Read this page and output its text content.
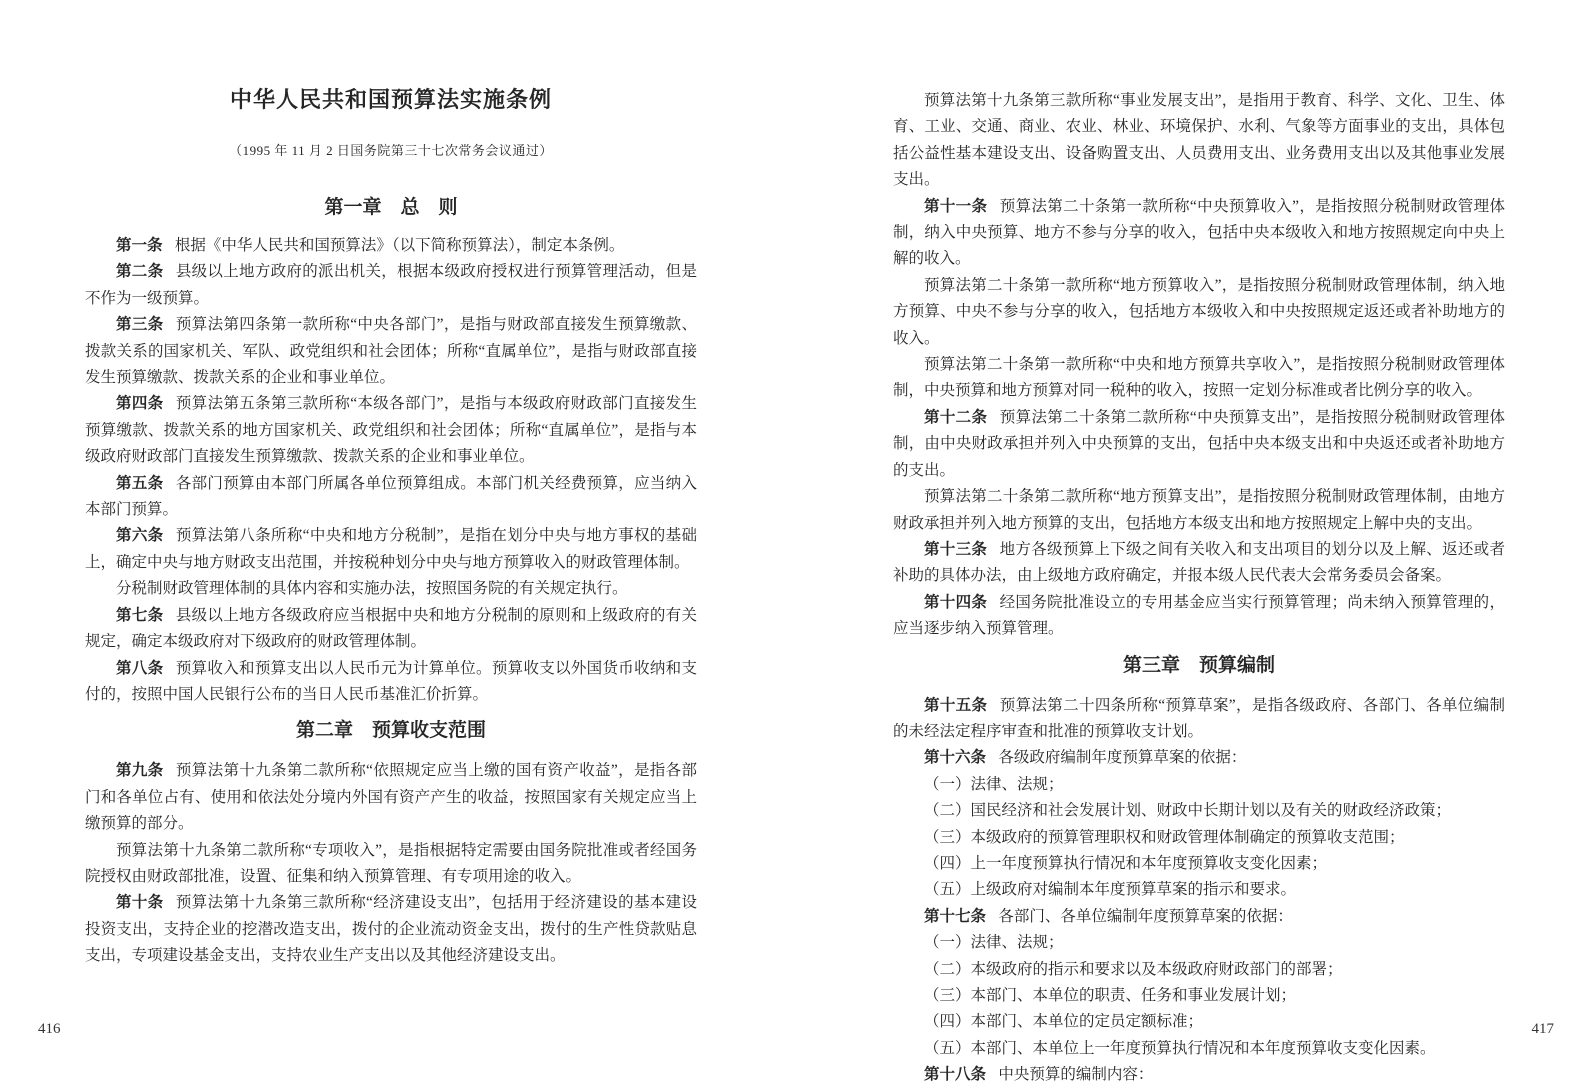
中华人民共和国预算法实施条例

（1995 年 11 月 2 日国务院第三十七次常务会议通过）

第一章　总　则

第一条 根据《中华人民共和国预算法》（以下简称预算法），制定本条例。

第二条 县级以上地方政府的派出机关，根据本级政府授权进行预算管理活动，但是不作为一级预算。

第三条 预算法第四条第一款所称“中央各部门”，是指与财政部直接发生预算缴款、拨款关系的国家机关、军队、政党组织和社会团体；所称“直属单位”，是指与财政部直接发生预算缴款、拨款关系的企业和事业单位。

第四条 预算法第五条第三款所称“本级各部门”，是指与本级政府财政部门直接发生预算缴款、拨款关系的地方国家机关、政党组织和社会团体；所称“直属单位”，是指与本级政府财政部门直接发生预算缴款、拨款关系的企业和事业单位。

第五条 各部门预算由本部门所属各单位预算组成。本部门机关经费预算，应当纳入本部门预算。

第六条 预算法第八条所称“中央和地方分税制”，是指在划分中央与地方事权的基础上，确定中央与地方财政支出范围，并按税种划分中央与地方预算收入的财政管理体制。

分税制财政管理体制的具体内容和实施办法，按照国务院的有关规定执行。

第七条 县级以上地方各级政府应当根据中央和地方分税制的原则和上级政府的有关规定，确定本级政府对下级政府的财政管理体制。

第八条 预算收入和预算支出以人民币元为计算单位。预算收支以外国货币收纳和支付的，按照中国人民银行公布的当日人民币基准汇价折算。

第二章　预算收支范围

第九条 预算法第十九条第二款所称“依照规定应当上缴的国有资产收益”，是指各部门和各单位占有、使用和依法处分境内外国有资产产生的收益，按照国家有关规定应当上缴预算的部分。

预算法第十九条第二款所称“专项收入”，是指根据特定需要由国务院批准或者经国务院授权由财政部批准，设置、征集和纳入预算管理、有专项用途的收入。

第十条 预算法第十九条第三款所称“经济建设支出”，包括用于经济建设的基本建设投资支出，支持企业的挖潜改造支出，拨付的企业流动资金支出，拨付的生产性贷款贴息支出，专项建设基金支出，支持农业生产支出以及其他经济建设支出。

预算法第十九条第三款所称“事业发展支出”，是指用于教育、科学、文化、卫生、体育、工业、交通、商业、农业、林业、环境保护、水利、气象等方面事业的支出，具体包括公益性基本建设支出、设备购置支出、人员费用支出、业务费用支出以及其他事业发展支出。

第十一条 预算法第二十条第一款所称“中央预算收入”，是指按照分税制财政管理体制，纳入中央预算、地方不参与分享的收入，包括中央本级收入和地方按照规定向中央上解的收入。

预算法第二十条第一款所称“地方预算收入”，是指按照分税制财政管理体制，纳入地方预算、中央不参与分享的收入，包括地方本级收入和中央按照规定返还或者补助地方的收入。

预算法第二十条第一款所称“中央和地方预算共享收入”，是指按照分税制财政管理体制，中央预算和地方预算对同一税种的收入，按照一定划分标准或者比例分享的收入。

第十二条 预算法第二十条第二款所称“中央预算支出”，是指按照分税制财政管理体制，由中央财政承担并列入中央预算的支出，包括中央本级支出和中央返还或者补助地方的支出。

预算法第二十条第二款所称“地方预算支出”，是指按照分税制财政管理体制，由地方财政承担并列入地方预算的支出，包括地方本级支出和地方按照规定上解中央的支出。

第十三条 地方各级预算上下级之间有关收入和支出项目的划分以及上解、返还或者补助的具体办法，由上级地方政府确定，并报本级人民代表大会常务委员会备案。

第十四条 经国务院批准设立的专用基金应当实行预算管理；尚未纳入预算管理的，应当逐步纳入预算管理。

第三章　预算编制

第十五条 预算法第二十四条所称“预算草案”，是指各级政府、各部门、各单位编制的未经法定程序审查和批准的预算收支计划。

第十六条 各级政府编制年度预算草案的依据：

（一）法律、法规；

（二）国民经济和社会发展计划、财政中长期计划以及有关的财政经济政策；

（三）本级政府的预算管理职权和财政管理体制确定的预算收支范围；

（四）上一年度预算执行情况和本年度预算收支变化因素；

（五）上级政府对编制本年度预算草案的指示和要求。

第十七条 各部门、各单位编制年度预算草案的依据：

（一）法律、法规；

（二）本级政府的指示和要求以及本级政府财政部门的部署；

（三）本部门、本单位的职责、任务和事业发展计划；

（四）本部门、本单位的定员定额标准；

（五）本部门、本单位上一年度预算执行情况和本年度预算收支变化因素。

第十八条 中央预算的编制内容：

416	417
